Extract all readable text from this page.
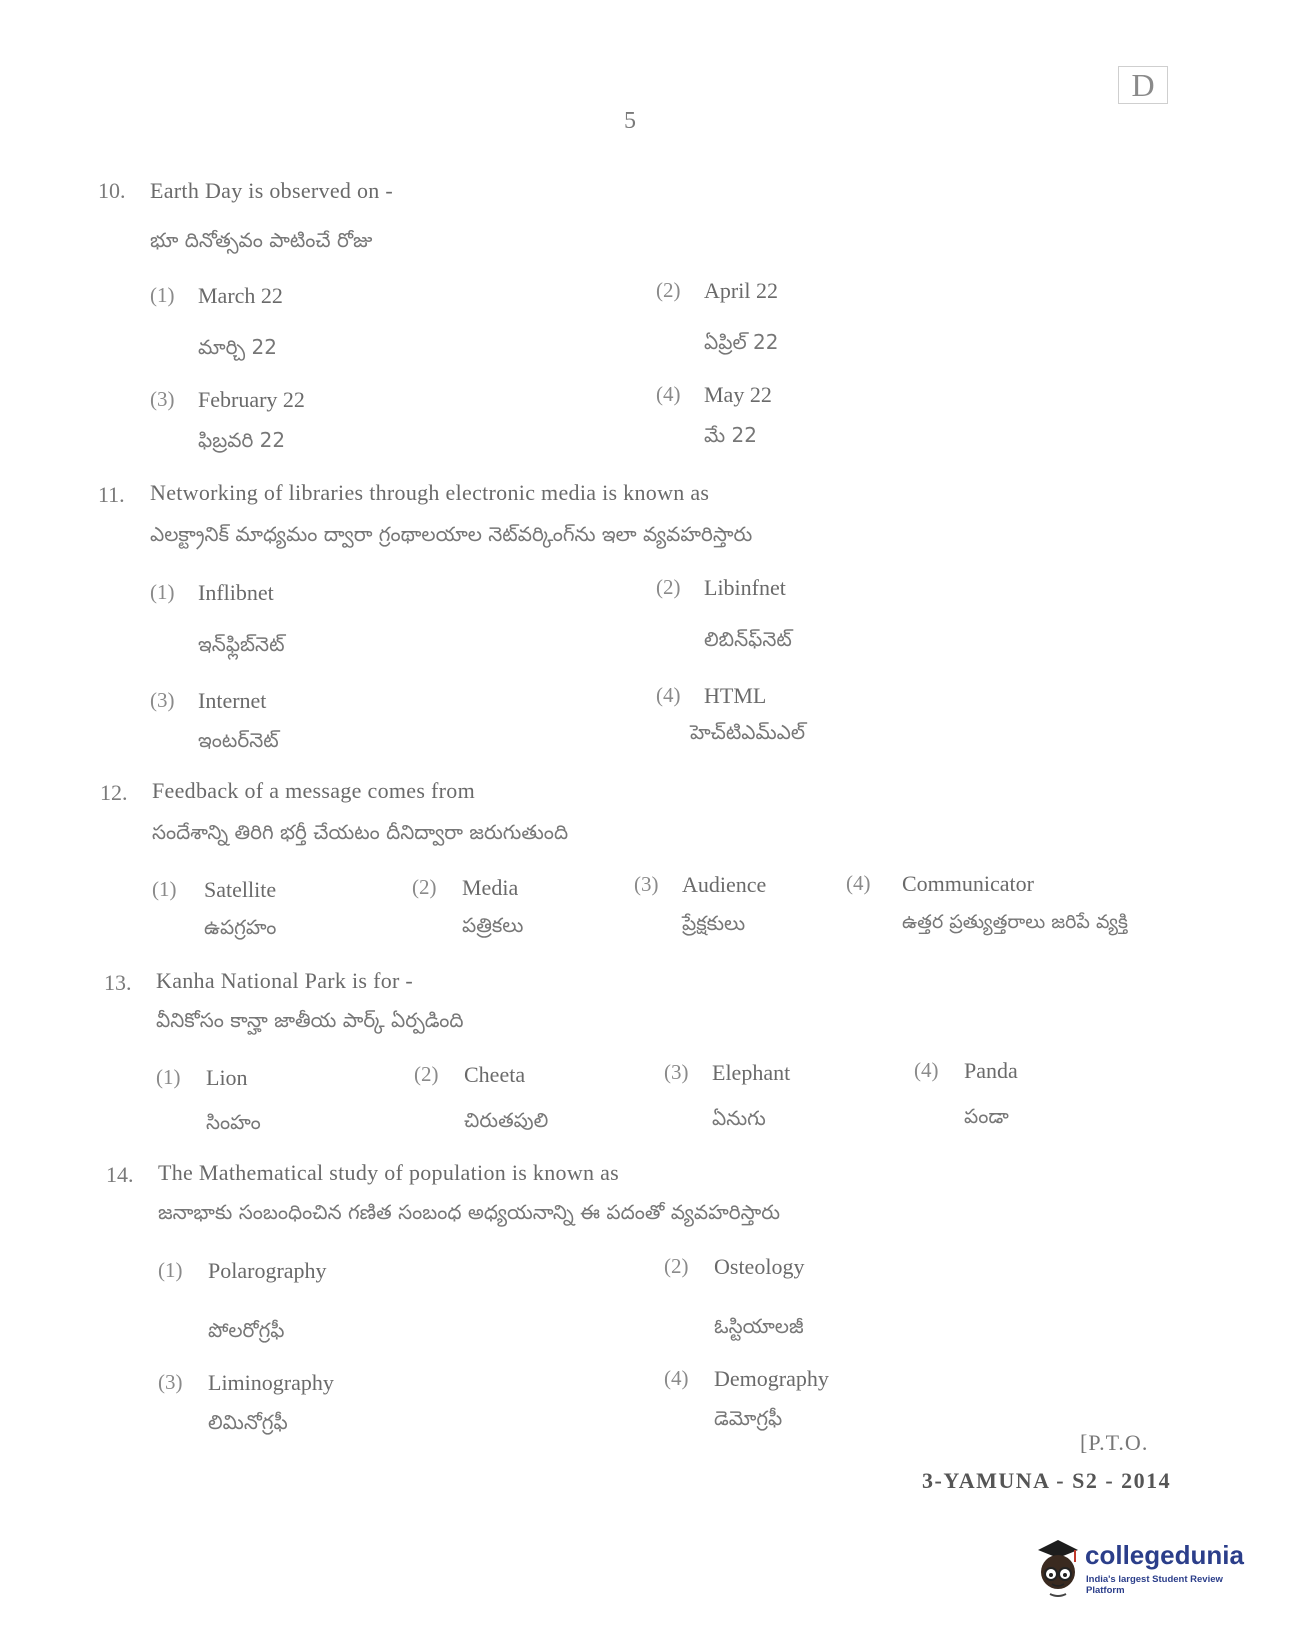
D
5
10. Earth Day is observed on -
భూ దినోత్సవం పాటించే రోజు
(1) March 22
మార్చి 22
(2) April 22
ఏప్రిల్ 22
(3) February 22
ఫిబ్రవరి 22
(4) May 22
మే 22
11. Networking of libraries through electronic media is known as
ఎలక్ట్రానిక్ మాధ్యమం ద్వారా గ్రంథాలయాల నెట్‌వర్కింగ్‌ను ఇలా వ్యవహరిస్తారు
(1) Inflibnet
ఇన్‌ఫ్లిబ్‌నెట్
(2) Libinfnet
లిబిన్‌ఫ్‌నెట్
(3) Internet
ఇంటర్‌నెట్
(4) HTML
హెచ్‌టిఎమ్‌ఎల్
12. Feedback of a message comes from
సందేశాన్ని తిరిగి భర్తీ చేయటం దీనిద్వారా జరుగుతుంది
(1) Satellite
ఉపగ్రహం
(2) Media
పత్రికలు
(3) Audience
ప్రేక్షకులు
(4) Communicator
ఉత్తర ప్రత్యుత్తరాలు జరిపే వ్యక్తి
13. Kanha National Park is for -
వీనికోసం కాన్హా జాతీయ పార్క్ ఏర్పడింది
(1) Lion
సింహం
(2) Cheeta
చిరుతపులి
(3) Elephant
ఏనుగు
(4) Panda
పండా
14. The Mathematical study of population is known as
జనాభాకు సంబంధించిన గణిత సంబంధ అధ్యయనాన్ని ఈ పదంతో వ్యవహరిస్తారు
(1) Polarography
పోలరోగ్రఫీ
(2) Osteology
ఓస్టియాలజీ
(3) Liminography
లిమినోగ్రఫీ
(4) Demography
డెమోగ్రఫీ
[P.T.O.
3-YAMUNA - S2 - 2014
collegedunia
India's largest Student Review Platform
